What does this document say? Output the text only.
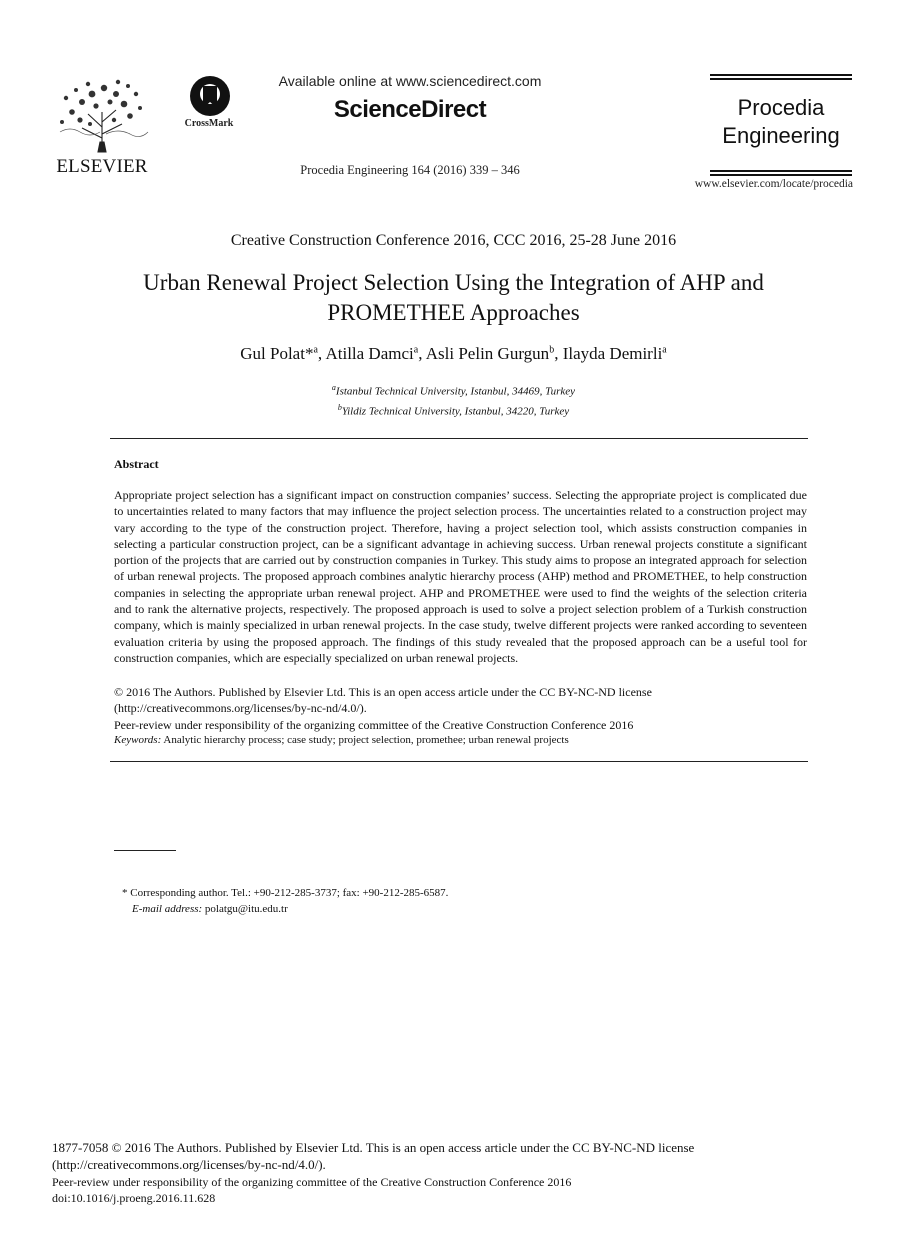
ELSEVIER
CrossMark
Available online at www.sciencedirect.com
ScienceDirect
Procedia Engineering 164 (2016) 339 – 346
Procedia
Engineering
www.elsevier.com/locate/procedia
Creative Construction Conference 2016, CCC 2016, 25-28 June 2016
Urban Renewal Project Selection Using the Integration of AHP and
PROMETHEE Approaches
Gul Polat*$^a$, Atilla Damci$^a$, Asli Pelin Gurgun$^b$, Ilayda Demirli$^a$
$^a$Istanbul Technical University, Istanbul, 34469, Turkey
$^b$Yildiz Technical University, Istanbul, 34220, Turkey
Abstract
Appropriate project selection has a significant impact on construction companies’ success. Selecting the appropriate project is complicated due to uncertainties related to many factors that may influence the project selection process. The uncertainties related to a construction project may vary according to the type of the construction project. Therefore, having a project selection tool, which assists construction companies in selecting a particular construction project, can be a significant advantage in achieving success. Urban renewal projects constitute a significant portion of the projects that are carried out by construction companies in Turkey. This study aims to propose an integrated approach for selection of urban renewal projects. The proposed approach combines analytic hierarchy process (AHP) method and PROMETHEE, to help construction companies in selecting the appropriate urban renewal project. AHP and PROMETHEE were used to find the weights of the selection criteria and to rank the alternative projects, respectively. The proposed approach is used to solve a project selection problem of a Turkish construction company, which is mainly specialized in urban renewal projects. In the case study, twelve different projects were ranked according to seventeen evaluation criteria by using the proposed approach. The findings of this study revealed that the proposed approach can be a useful tool for construction companies, which are especially specialized on urban renewal projects.
© 2016 The Authors. Published by Elsevier Ltd. This is an open access article under the CC BY-NC-ND license
(http://creativecommons.org/licenses/by-nc-nd/4.0/).
Peer-review under responsibility of the organizing committee of the Creative Construction Conference 2016
Keywords: Analytic hierarchy process; case study; project selection, promethee; urban renewal projects
* Corresponding author. Tel.: +90-212-285-3737; fax: +90-212-285-6587.
E-mail address: polatgu@itu.edu.tr
1877-7058 © 2016 The Authors. Published by Elsevier Ltd. This is an open access article under the CC BY-NC-ND license
(http://creativecommons.org/licenses/by-nc-nd/4.0/).
Peer-review under responsibility of the organizing committee of the Creative Construction Conference 2016
doi:10.1016/j.proeng.2016.11.628
